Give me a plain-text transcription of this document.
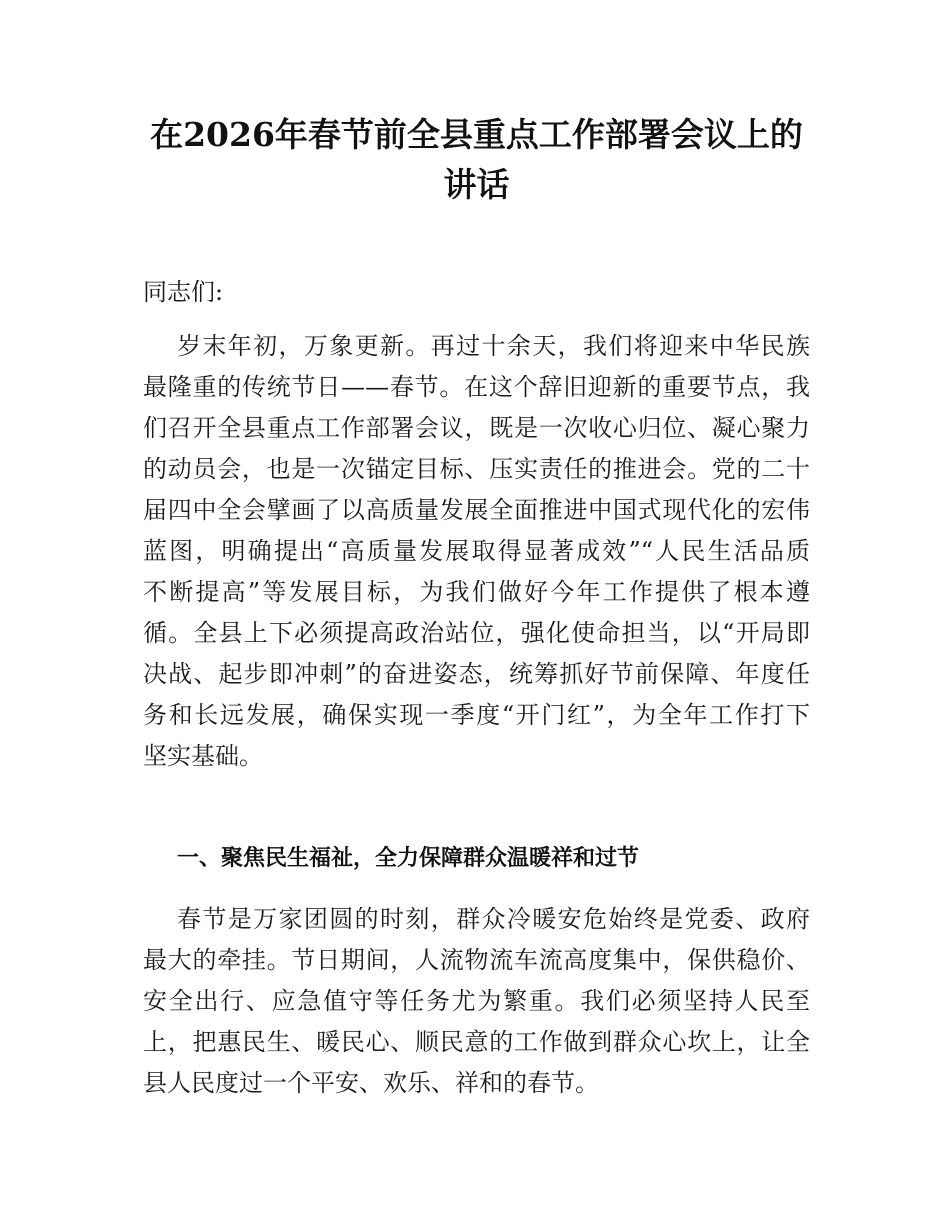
在2026年春节前全县重点工作部署会议上的
讲话

同志们:

岁末年初，万象更新。再过十余天，我们将迎来中华民族
最隆重的传统节日——春节。在这个辞旧迎新的重要节点，我
们召开全县重点工作部署会议，既是一次收心归位、凝心聚力
的动员会，也是一次锚定目标、压实责任的推进会。党的二十
届四中全会擘画了以高质量发展全面推进中国式现代化的宏伟
蓝图，明确提出“高质量发展取得显著成效”“人民生活品质
不断提高”等发展目标，为我们做好今年工作提供了根本遵
循。全县上下必须提高政治站位，强化使命担当，以“开局即
决战、起步即冲刺”的奋进姿态，统筹抓好节前保障、年度任
务和长远发展，确保实现一季度“开门红”，为全年工作打下
坚实基础。
一、聚焦民生福祉，全力保障群众温暖祥和过节
春节是万家团圆的时刻，群众冷暖安危始终是党委、政府
最大的牵挂。节日期间，人流物流车流高度集中，保供稳价、
安全出行、应急值守等任务尤为繁重。我们必须坚持人民至
上，把惠民生、暖民心、顺民意的工作做到群众心坎上，让全
县人民度过一个平安、欢乐、祥和的春节。
